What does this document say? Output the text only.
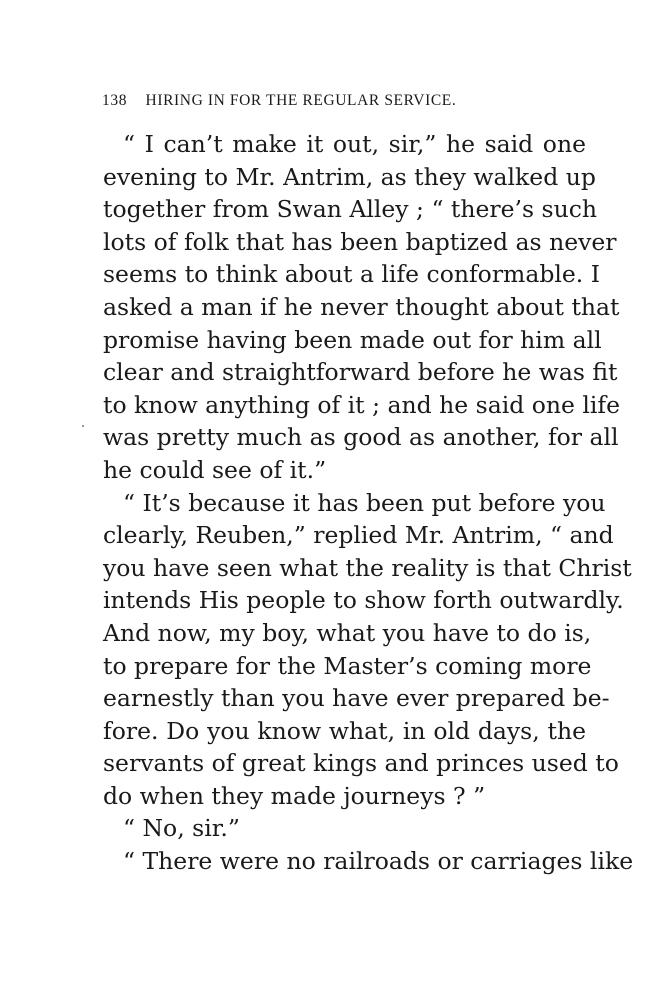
138 HIRING IN FOR THE REGULAR SERVICE.
“ I can’t make it out, sir,” he said one
evening to Mr. Antrim, as they walked up
together from Swan Alley ; “ there’s such
lots of folk that has been baptized as never
seems to think about a life conformable. I
asked a man if he never thought about that
promise having been made out for him all
clear and straightforward before he was fit
to know anything of it ; and he said one life
was pretty much as good as another, for all
he could see of it.”
“ It’s because it has been put before you
clearly, Reuben,” replied Mr. Antrim, “ and
you have seen what the reality is that Christ
intends His people to show forth outwardly.
And now, my boy, what you have to do is,
to prepare for the Master’s coming more
earnestly than you have ever prepared be-
fore. Do you know what, in old days, the
servants of great kings and princes used to
do when they made journeys ? ”
“ No, sir.”
“ There were no railroads or carriages like
